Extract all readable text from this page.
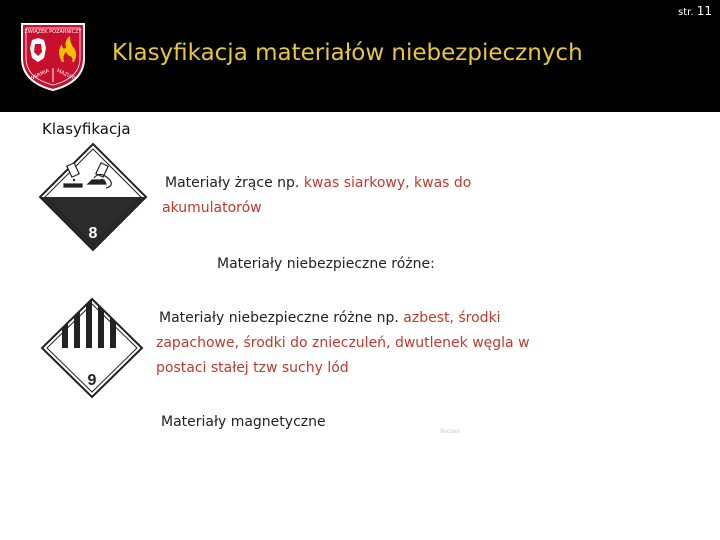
str. 11
ZWIĄZEK POŻARNICZY
WARMIA MAZURY
Klasyfikacja materiałów niebezpiecznych
Klasyfikacja
8
9
Materiały żrące np. kwas siarkowy, kwas do
akumulatorów
Materiały niebezpieczne różne:
Materiały niebezpieczne różne np. azbest, środki
zapachowe, środki do znieczuleń, dwutlenek węgla w
postaci stałej tzw suchy lód
Materiały magnetyczne
Nazwa
